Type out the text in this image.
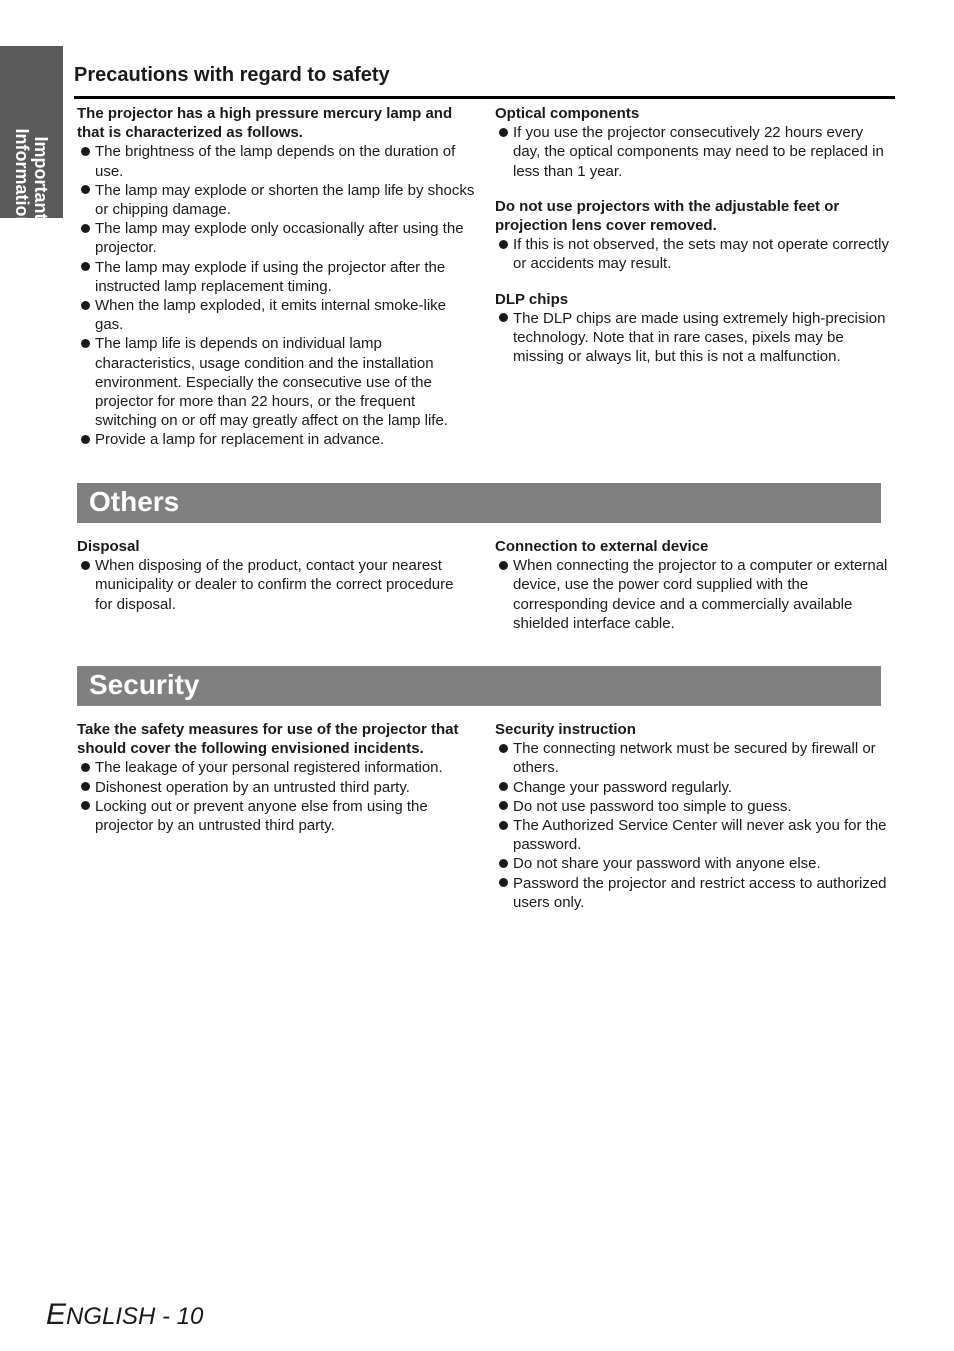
Important
Information
Precautions with regard to safety

The projector has a high pressure mercury lamp and that is characterized as follows.

The brightness of the lamp depends on the duration of use.
The lamp may explode or shorten the lamp life by shocks or chipping damage.
The lamp may explode only occasionally after using the projector.
The lamp may explode if using the projector after the instructed lamp replacement timing.
When the lamp exploded, it emits internal smoke-like gas.
The lamp life is depends on individual lamp characteristics, usage condition and the installation environment. Especially the consecutive use of the projector for more than 22 hours, or the frequent switching on or off may greatly affect on the lamp life.
Provide a lamp for replacement in advance.

Optical components

If you use the projector consecutively 22 hours every day, the optical components may need to be replaced in less than 1 year.

Do not use projectors with the adjustable feet or projection lens cover removed.

If this is not observed, the sets may not operate correctly or accidents may result.

DLP chips

The DLP chips are made using extremely high-precision technology. Note that in rare cases, pixels may be missing or always lit, but this is not a malfunction.
Others

Disposal

When disposing of the product, contact your nearest municipality or dealer to confirm the correct procedure for disposal.

Connection to external device

When connecting the projector to a computer or external device, use the power cord supplied with the corresponding device and a commercially available shielded interface cable.
Security

Take the safety measures for use of the projector that should cover the following envisioned incidents.

The leakage of your personal registered information.
Dishonest operation by an untrusted third party.
Locking out or prevent anyone else from using the projector by an untrusted third party.

Security instruction

The connecting network must be secured by firewall or others.
Change your password regularly.
Do not use password too simple to guess.
The Authorized Service Center will never ask you for the password.
Do not share your password with anyone else.
Password the projector and restrict access to authorized users only.

ENGLISH - 10
